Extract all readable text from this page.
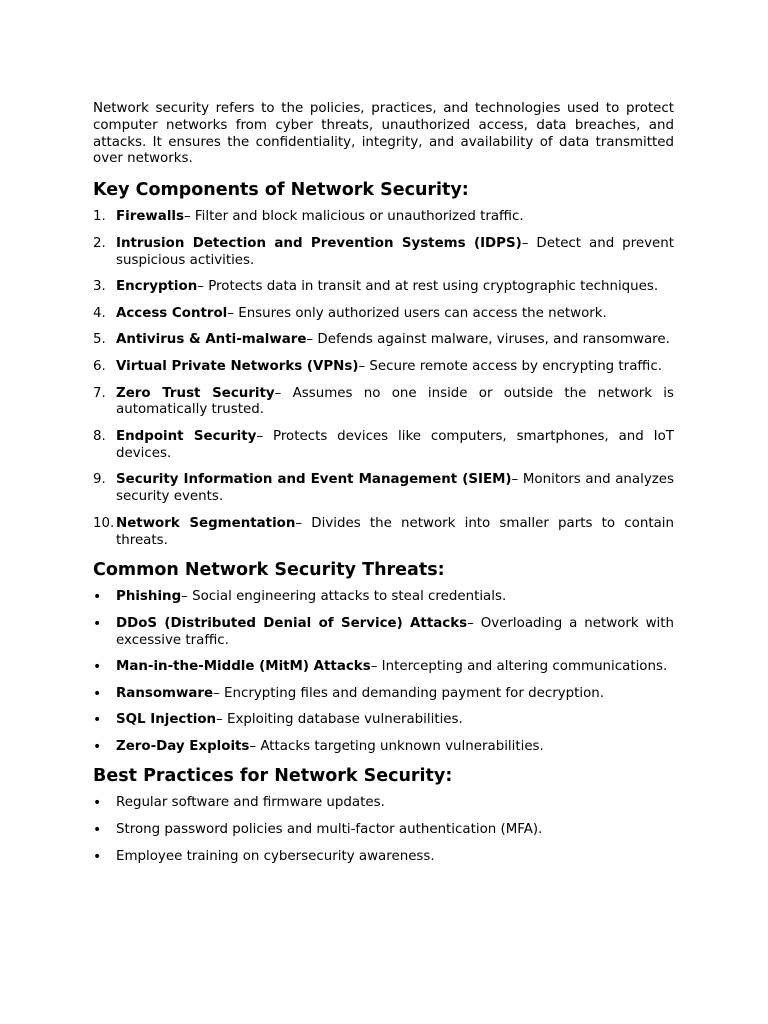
Network security refers to the policies, practices, and technologies used to protect computer networks from cyber threats, unauthorized access, data breaches, and attacks. It ensures the confidentiality, integrity, and availability of data transmitted over networks.

Key Components of Network Security:
1. Firewalls– Filter and block malicious or unauthorized traffic.
2. Intrusion Detection and Prevention Systems (IDPS)– Detect and prevent suspicious activities.
3. Encryption– Protects data in transit and at rest using cryptographic techniques.
4. Access Control– Ensures only authorized users can access the network.
5. Antivirus & Anti-malware– Defends against malware, viruses, and ransomware.
6. Virtual Private Networks (VPNs)– Secure remote access by encrypting traffic.
7. Zero Trust Security– Assumes no one inside or outside the network is automatically trusted.
8. Endpoint Security– Protects devices like computers, smartphones, and IoT devices.
9. Security Information and Event Management (SIEM)– Monitors and analyzes security events.
10. Network Segmentation– Divides the network into smaller parts to contain threats.
Common Network Security Threats:
• Phishing– Social engineering attacks to steal credentials.
• DDoS (Distributed Denial of Service) Attacks– Overloading a network with excessive traffic.
• Man-in-the-Middle (MitM) Attacks– Intercepting and altering communications.
• Ransomware– Encrypting files and demanding payment for decryption.
• SQL Injection– Exploiting database vulnerabilities.
• Zero-Day Exploits– Attacks targeting unknown vulnerabilities.
Best Practices for Network Security:
• Regular software and firmware updates.
• Strong password policies and multi-factor authentication (MFA).
• Employee training on cybersecurity awareness.
